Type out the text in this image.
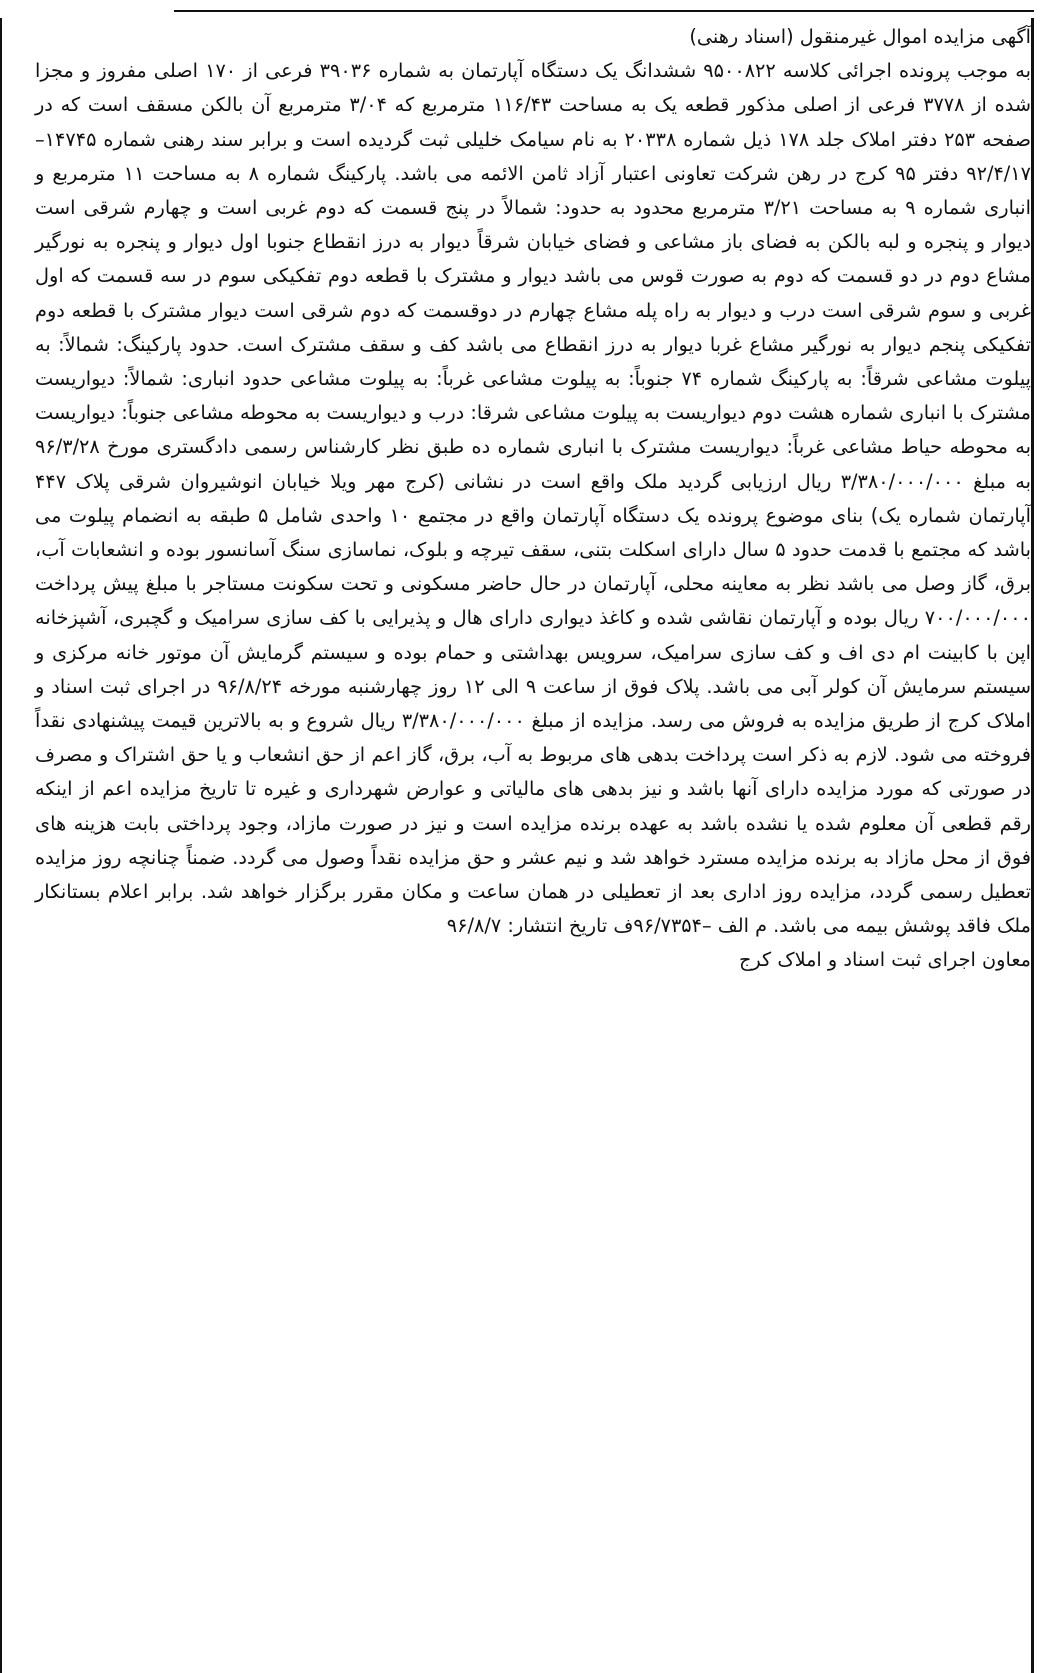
آگهی مزایده اموال غیرمنقول (اسناد رهنی)

به موجب پرونده اجرائی کلاسه ۹۵۰۰۸۲۲ ششدانگ یک دستگاه آپارتمان به شماره ۳۹۰۳۶ فرعی از ۱۷۰ اصلی مفروز و مجزا شده از ۳۷۷۸ فرعی از اصلی مذکور قطعه یک به مساحت ۱۱۶/۴۳ مترمربع که ۳/۰۴ مترمربع آن بالکن مسقف است که در صفحه ۲۵۳ دفتر املاک جلد ۱۷۸ ذیل شماره ۲۰۳۳۸ به نام سیامک خلیلی ثبت گردیده است و برابر سند رهنی شماره ۱۴۷۴۵– ۹۲/۴/۱۷ دفتر ۹۵ کرج در رهن شرکت تعاونی اعتبار آزاد ثامن الائمه می باشد. پارکینگ شماره ۸ به مساحت ۱۱ مترمربع و انباری شماره ۹ به مساحت ۳/۲۱ مترمربع محدود به حدود: شمالاً در پنج قسمت که دوم غربی است و چهارم شرقی است دیوار و پنجره و لبه بالکن به فضای باز مشاعی و فضای خیابان شرقاً دیوار به درز انقطاع جنوبا اول دیوار و پنجره به نورگیر مشاع دوم در دو قسمت که دوم به صورت قوس می باشد دیوار و مشترک با قطعه دوم تفکیکی سوم در سه قسمت که اول غربی و سوم شرقی است درب و دیوار به راه پله مشاع چهارم در دوقسمت که دوم شرقی است دیوار مشترک با قطعه دوم تفکیکی پنجم دیوار به نورگیر مشاع غربا دیوار به درز انقطاع می باشد کف و سقف مشترک است. حدود پارکینگ: شمالاً: به پیلوت مشاعی شرقاً: به پارکینگ شماره ۷۴ جنوباً: به پیلوت مشاعی غرباً: به پیلوت مشاعی حدود انباری: شمالاً: دیواریست مشترک با انباری شماره هشت دوم دیواریست به پیلوت مشاعی شرقا: درب و دیواریست به محوطه مشاعی جنوباً: دیواریست به محوطه حیاط مشاعی غرباً: دیواریست مشترک با انباری شماره ده طبق نظر کارشناس رسمی دادگستری مورخ ۹۶/۳/۲۸ به مبلغ ۳/۳۸۰/۰۰۰/۰۰۰ ریال ارزیابی گردید ملک واقع است در نشانی (کرج مهر ویلا خیابان انوشیروان شرقی پلاک ۴۴۷ آپارتمان شماره یک) بنای موضوع پرونده یک دستگاه آپارتمان واقع در مجتمع ۱۰ واحدی شامل ۵ طبقه به انضمام پیلوت می باشد که مجتمع با قدمت حدود ۵ سال دارای اسکلت بتنی، سقف تیرچه و بلوک، نماسازی سنگ آسانسور بوده و انشعابات آب، برق، گاز وصل می باشد نظر به معاینه محلی، آپارتمان در حال حاضر مسکونی و تحت سکونت مستاجر با مبلغ پیش پرداخت ۷۰۰/۰۰۰/۰۰۰ ریال بوده و آپارتمان نقاشی شده و کاغذ دیواری دارای هال و پذیرایی با کف سازی سرامیک و گچبری، آشپزخانه اپن با کابینت ام دی اف و کف سازی سرامیک، سرویس بهداشتی و حمام بوده و سیستم گرمایش آن موتور خانه مرکزی و سیستم سرمایش آن کولر آبی می باشد. پلاک فوق از ساعت ۹ الی ۱۲ روز چهارشنبه مورخه ۹۶/۸/۲۴ در اجرای ثبت اسناد و املاک کرج از طریق مزایده به فروش می رسد. مزایده از مبلغ ۳/۳۸۰/۰۰۰/۰۰۰ ریال شروع و به بالاترین قیمت پیشنهادی نقداً فروخته می شود. لازم به ذکر است پرداخت بدهی های مربوط به آب، برق، گاز اعم از حق انشعاب و یا حق اشتراک و مصرف در صورتی که مورد مزایده دارای آنها باشد و نیز بدهی های مالیاتی و عوارض شهرداری و غیره تا تاریخ مزایده اعم از اینکه رقم قطعی آن معلوم شده یا نشده باشد به عهده برنده مزایده است و نیز در صورت مازاد، وجود پرداختی بابت هزینه های فوق از محل مازاد به برنده مزایده مسترد خواهد شد و نیم عشر و حق مزایده نقداً وصول می گردد. ضمناً چنانچه روز مزایده تعطیل رسمی گردد، مزایده روز اداری بعد از تعطیلی در همان ساعت و مکان مقرر برگزار خواهد شد. برابر اعلام بستانکار ملک فاقد پوشش بیمه می باشد. م الف –۹۶/۷۳۵۴ف تاریخ انتشار: ۹۶/۸/۷

معاون اجرای ثبت اسناد و املاک کرج
